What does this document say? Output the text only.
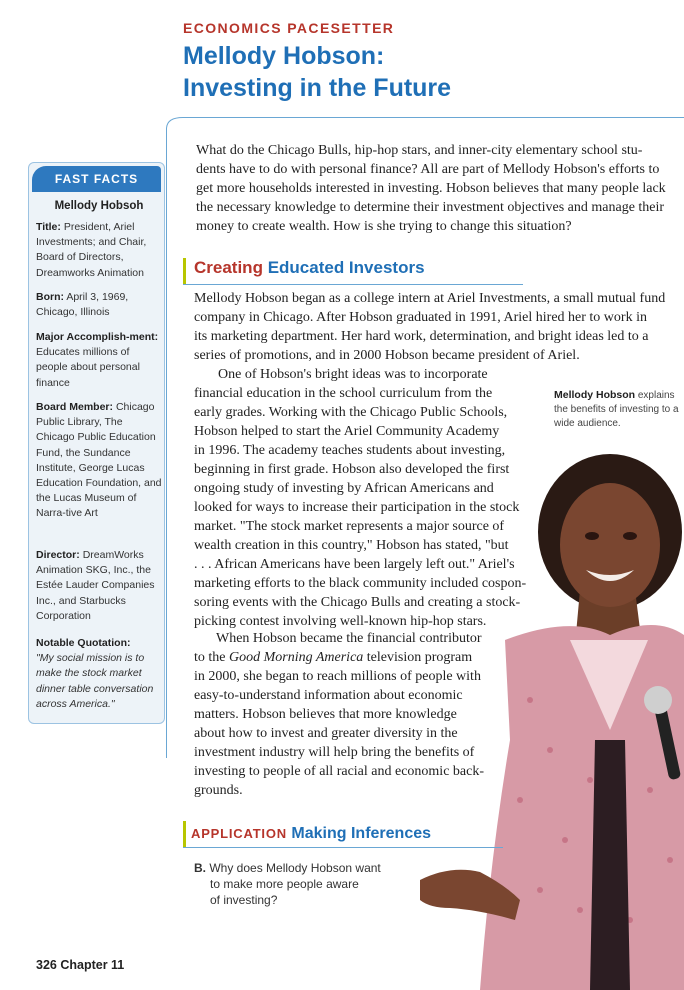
ECONOMICS PACESETTER
Mellody Hobson:
Investing in the Future
FAST FACTS
Mellody Hobsoh
Title: President, Ariel Investments; and Chair, Board of Directors, Dreamworks Animation
Born: April 3, 1969, Chicago, Illinois
Major Accomplish-ment: Educates millions of people about personal finance
Board Member: Chicago Public Library, The Chicago Public Education Fund, the Sundance Institute, George Lucas Education Foundation, and the Lucas Museum of Narra-tive Art
Director: DreamWorks Animation SKG, Inc., the Estée Lauder Companies Inc., and Starbucks Corporation
Notable Quotation:
"My social mission is to make the stock market dinner table conversation across America."
What do the Chicago Bulls, hip-hop stars, and inner-city elementary school stu-
dents have to do with personal finance? All are part of Mellody Hobson's efforts to
get more households interested in investing. Hobson believes that many people lack
the necessary knowledge to determine their investment objectives and manage their
money to create wealth. How is she trying to change this situation?
Creating Educated Investors
Mellody Hobson began as a college intern at Ariel Investments, a small mutual fund
company in Chicago. After Hobson graduated in 1991, Ariel hired her to work in
its marketing department. Her hard work, determination, and bright ideas led to a
series of promotions, and in 2000 Hobson became president of Ariel.
One of Hobson's bright ideas was to incorporate
financial education in the school curriculum from the
early grades. Working with the Chicago Public Schools,
Hobson helped to start the Ariel Community Academy
in 1996. The academy teaches students about investing,
beginning in first grade. Hobson also developed the first
ongoing study of investing by African Americans and
looked for ways to increase their participation in the stock
market. "The stock market represents a major source of
wealth creation in this country," Hobson has stated, "but
. . . African Americans have been largely left out." Ariel's
marketing efforts to the black community included cospon-
soring events with the Chicago Bulls and creating a stock-
picking contest involving well-known hip-hop stars.
Mellody Hobson explains
the benefits of investing to a
wide audience.
When Hobson became the financial contributor
to the Good Morning America television program
in 2000, she began to reach millions of people with
easy-to-understand information about economic
matters. Hobson believes that more knowledge
about how to invest and greater diversity in the
investment industry will help bring the benefits of
investing to people of all racial and economic back-
grounds.
APPLICATION Making Inferences
B. Why does Mellody Hobson want
to make more people aware
of investing?
326 Chapter 11
